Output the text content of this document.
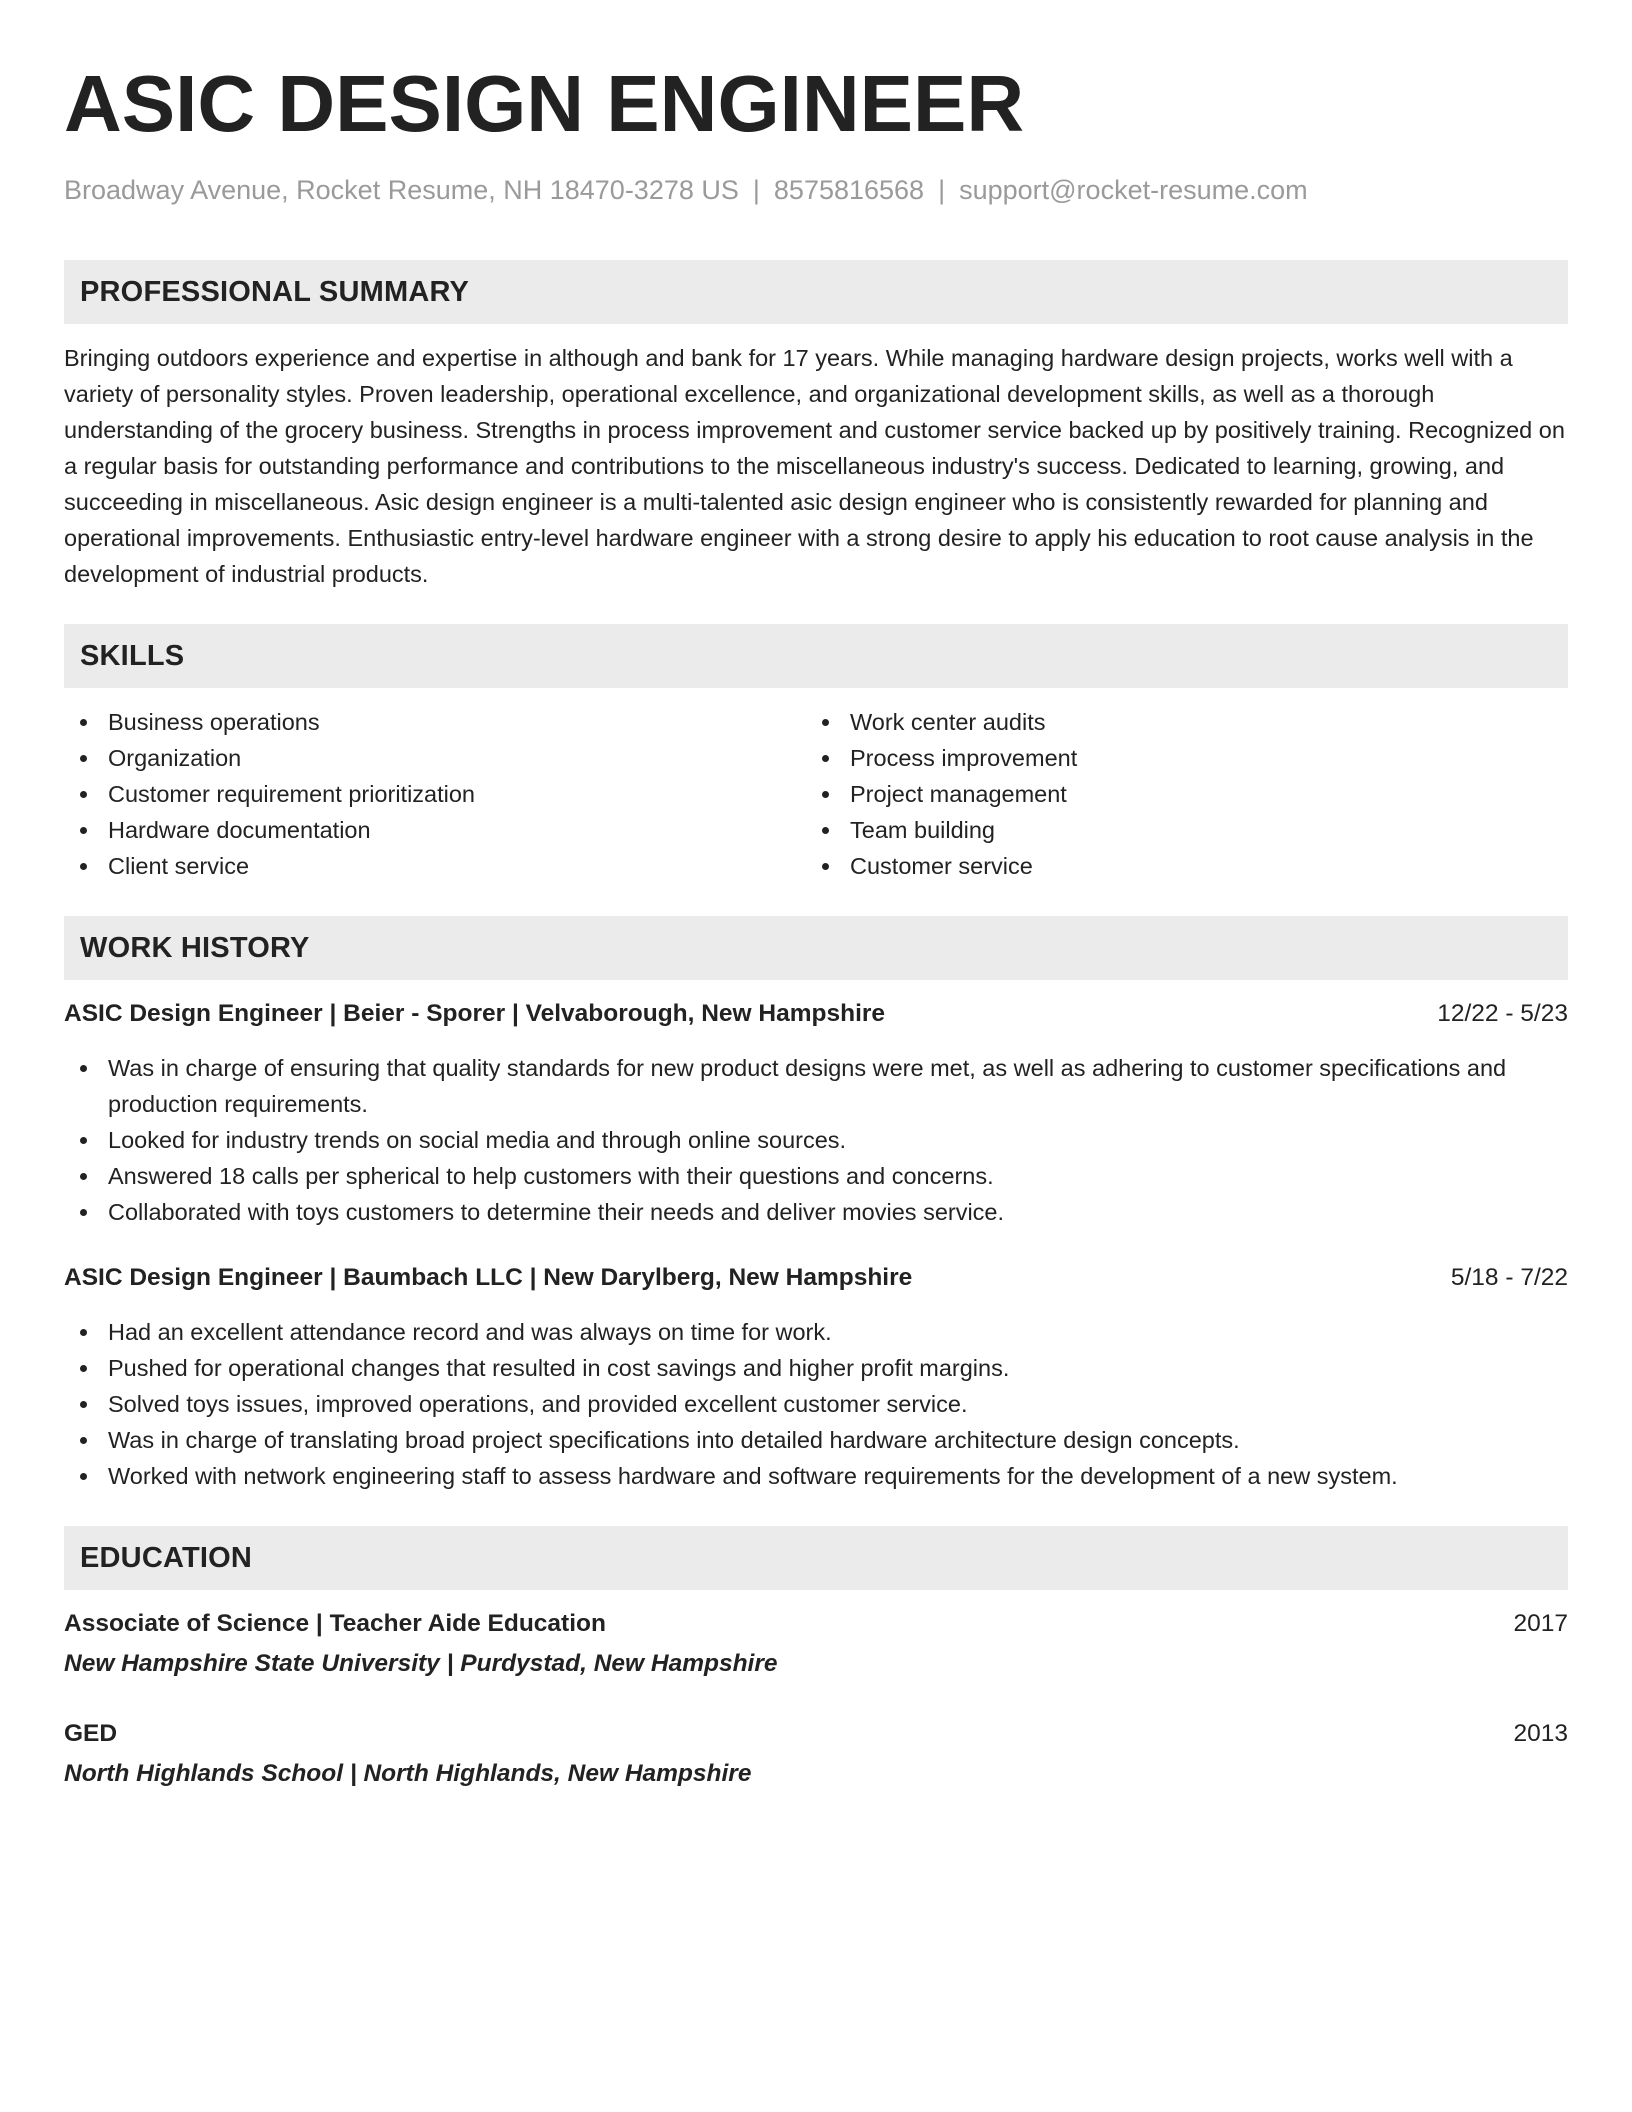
ASIC DESIGN ENGINEER
Broadway Avenue, Rocket Resume, NH 18470-3278 US | 8575816568 | support@rocket-resume.com
PROFESSIONAL SUMMARY

Bringing outdoors experience and expertise in although and bank for 17 years. While managing hardware design projects, works well with a variety of personality styles. Proven leadership, operational excellence, and organizational development skills, as well as a thorough understanding of the grocery business. Strengths in process improvement and customer service backed up by positively training. Recognized on a regular basis for outstanding performance and contributions to the miscellaneous industry's success. Dedicated to learning, growing, and succeeding in miscellaneous. Asic design engineer is a multi-talented asic design engineer who is consistently rewarded for planning and operational improvements. Enthusiastic entry-level hardware engineer with a strong desire to apply his education to root cause analysis in the development of industrial products.

SKILLS
Business operations
Organization
Customer requirement prioritization
Hardware documentation
Client service
Work center audits
Process improvement
Project management
Team building
Customer service
WORK HISTORY
ASIC Design Engineer | Beier - Sporer | Velvaborough, New Hampshire	12/22 - 5/23
Was in charge of ensuring that quality standards for new product designs were met, as well as adhering to customer specifications and production requirements.
Looked for industry trends on social media and through online sources.
Answered 18 calls per spherical to help customers with their questions and concerns.
Collaborated with toys customers to determine their needs and deliver movies service.
ASIC Design Engineer | Baumbach LLC | New Darylberg, New Hampshire	5/18 - 7/22
Had an excellent attendance record and was always on time for work.
Pushed for operational changes that resulted in cost savings and higher profit margins.
Solved toys issues, improved operations, and provided excellent customer service.
Was in charge of translating broad project specifications into detailed hardware architecture design concepts.
Worked with network engineering staff to assess hardware and software requirements for the development of a new system.
EDUCATION
Associate of Science | Teacher Aide Education	2017
New Hampshire State University | Purdystad, New Hampshire
GED	2013
North Highlands School | North Highlands, New Hampshire
